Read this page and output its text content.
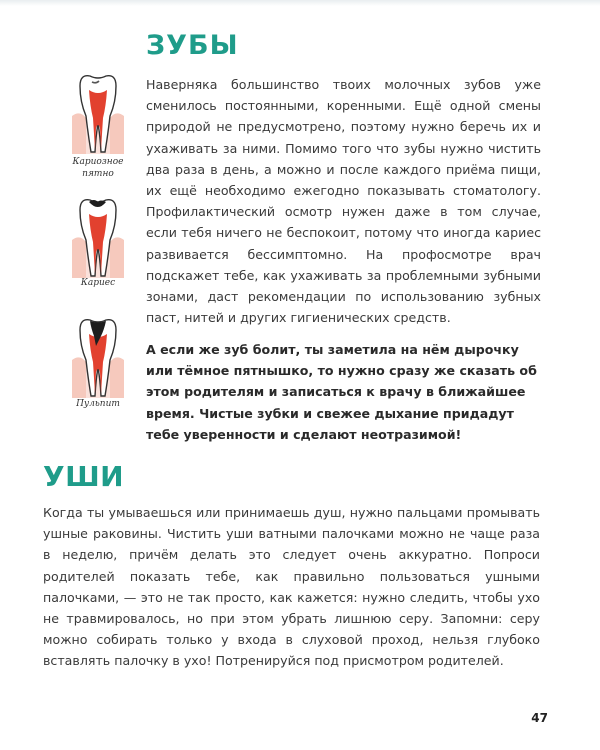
ЗУБЫ

Наверняка большинство твоих молочных зубов уже сменилось постоянными, коренными. Ещё одной смены природой не предусмотрено, поэтому нужно беречь их и ухаживать за ними. Помимо того что зубы нужно чистить два раза в день, а можно и после каждого приёма пищи, их ещё необходимо ежегодно показывать стоматологу. Профилактический осмотр нужен даже в том случае, если тебя ничего не беспокоит, потому что иногда кариес развивается бессимптомно. На профосмотре врач подскажет тебе, как ухаживать за проблемными зубными зонами, даст рекомендации по использованию зубных паст, нитей и других гигиенических средств.

А если же зуб болит, ты заметила на нём дырочку или тёмное пятнышко, то нужно сразу же сказать об этом родителям и записаться к врачу в ближайшее время. Чистые зубки и свежее дыхание придадут тебе уверенности и сделают неотразимой!

Кариозное пятно
Кариес
Пульпит
УШИ

Когда ты умываешься или принимаешь душ, нужно пальцами промывать ушные раковины. Чистить уши ватными палочками можно не чаще раза в неделю, причём делать это следует очень аккуратно. Попроси родителей показать тебе, как правильно пользоваться ушными палочками, — это не так просто, как кажется: нужно следить, чтобы ухо не травмировалось, но при этом убрать лишнюю серу. Запомни: серу можно собирать только у входа в слуховой проход, нельзя глубоко вставлять палочку в ухо! Потренируйся под присмотром родителей.

47
